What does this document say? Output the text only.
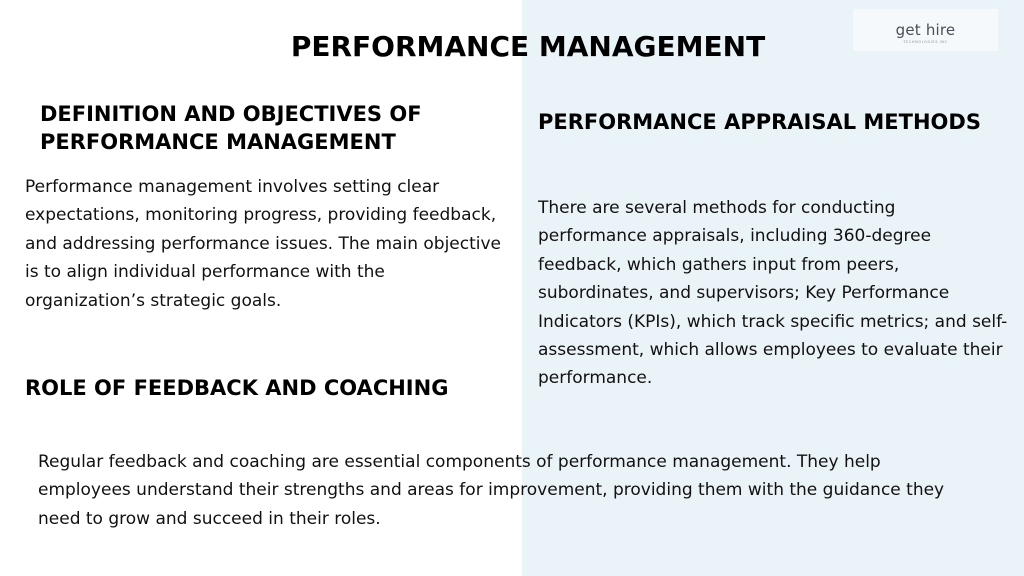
get hire
TECHNOLOGIES INC
PERFORMANCE MANAGEMENT
DEFINITION AND OBJECTIVES OF PERFORMANCE MANAGEMENT

Performance management involves setting clear expectations, monitoring progress, providing feedback, and addressing performance issues. The main objective is to align individual performance with the organization’s strategic goals.

ROLE OF FEEDBACK AND COACHING
PERFORMANCE APPRAISAL METHODS

There are several methods for conducting performance appraisals, including 360-degree feedback, which gathers input from peers, subordinates, and supervisors; Key Performance Indicators (KPIs), which track specific metrics; and self-assessment, which allows employees to evaluate their performance.

Regular feedback and coaching are essential components of performance management. They help employees understand their strengths and areas for improvement, providing them with the guidance they need to grow and succeed in their roles.
